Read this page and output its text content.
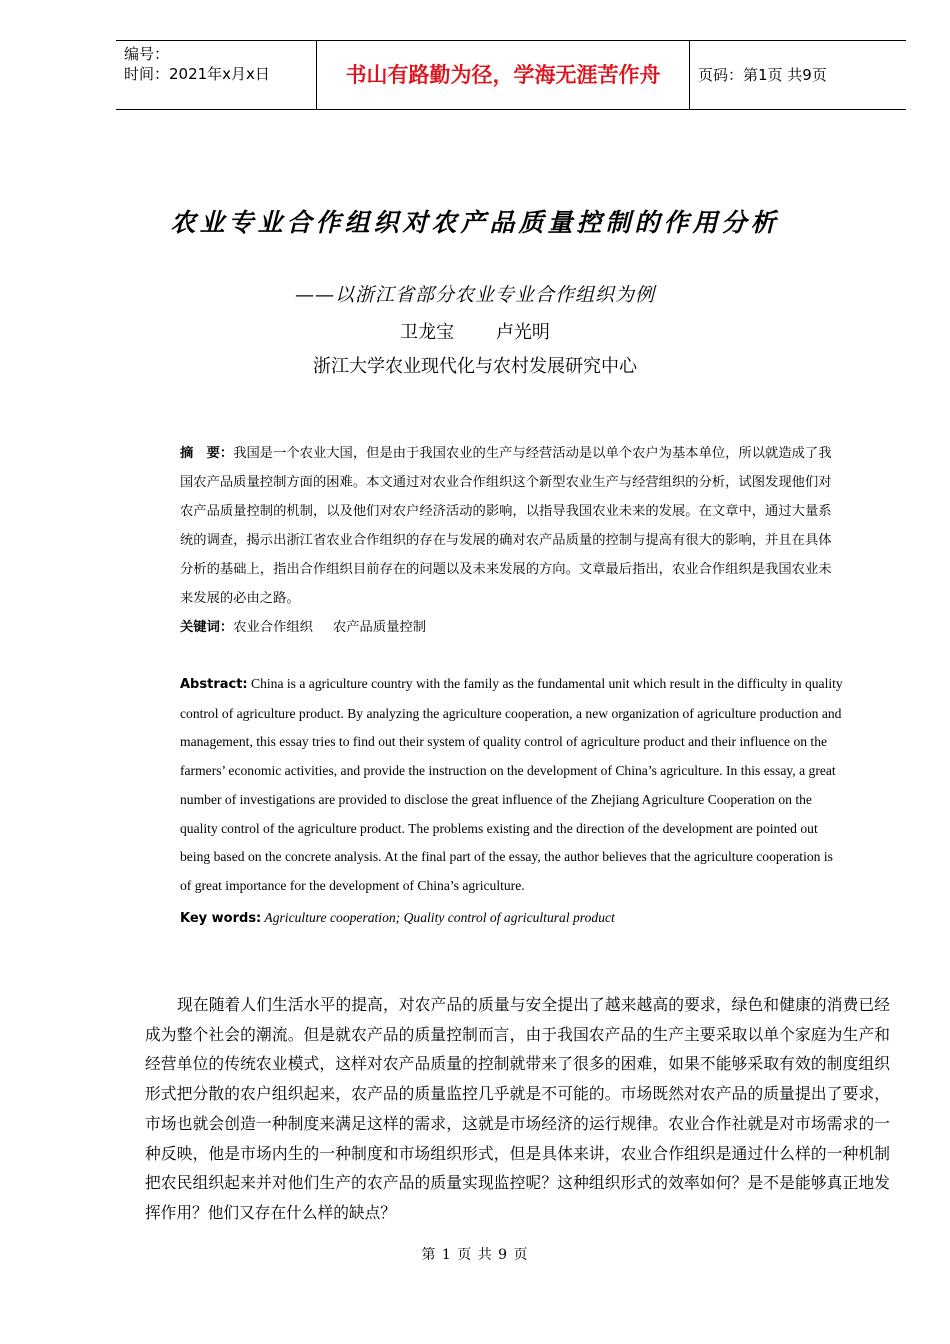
编号：
时间：2021年x月x日	书山有路勤为径，学海无涯苦作舟	页码：第1页 共9页
农业专业合作组织对农产品质量控制的作用分析
——以浙江省部分农业专业合作组织为例
卫龙宝 卢光明
浙江大学农业现代化与农村发展研究中心
摘　要：我国是一个农业大国，但是由于我国农业的生产与经营活动是以单个农户为基本单位，所以就造成了我国农产品质量控制方面的困难。本文通过对农业合作组织这个新型农业生产与经营组织的分析，试图发现他们对农产品质量控制的机制，以及他们对农户经济活动的影响，以指导我国农业未来的发展。在文章中，通过大量系统的调查，揭示出浙江省农业合作组织的存在与发展的确对农产品质量的控制与提高有很大的影响，并且在具体分析的基础上，指出合作组织目前存在的问题以及未来发展的方向。文章最后指出，农业合作组织是我国农业未来发展的必由之路。
关键词：农业合作组织 农产品质量控制
Abstract: China is a agriculture country with the family as the fundamental unit which result in the difficulty in quality control of agriculture product. By analyzing the agriculture cooperation, a new organization of agriculture production and management, this essay tries to find out their system of quality control of agriculture product and their influence on the farmers’ economic activities, and provide the instruction on the development of China’s agriculture. In this essay, a great number of investigations are provided to disclose the great influence of the Zhejiang Agriculture Cooperation on the quality control of the agriculture product. The problems existing and the direction of the development are pointed out being based on the concrete analysis. At the final part of the essay, the author believes that the agriculture cooperation is of great importance for the development of China’s agriculture.
Key words: Agriculture cooperation; Quality control of agricultural product
现在随着人们生活水平的提高，对农产品的质量与安全提出了越来越高的要求，绿色和健康的消费已经成为整个社会的潮流。但是就农产品的质量控制而言，由于我国农产品的生产主要采取以单个家庭为生产和经营单位的传统农业模式，这样对农产品质量的控制就带来了很多的困难，如果不能够采取有效的制度组织形式把分散的农户组织起来，农产品的质量监控几乎就是不可能的。市场既然对农产品的质量提出了要求，市场也就会创造一种制度来满足这样的需求，这就是市场经济的运行规律。农业合作社就是对市场需求的一种反映，他是市场内生的一种制度和市场组织形式，但是具体来讲，农业合作组织是通过什么样的一种机制把农民组织起来并对他们生产的农产品的质量实现监控呢？这种组织形式的效率如何？是不是能够真正地发挥作用？他们又存在什么样的缺点？
第 1 页 共 9 页
